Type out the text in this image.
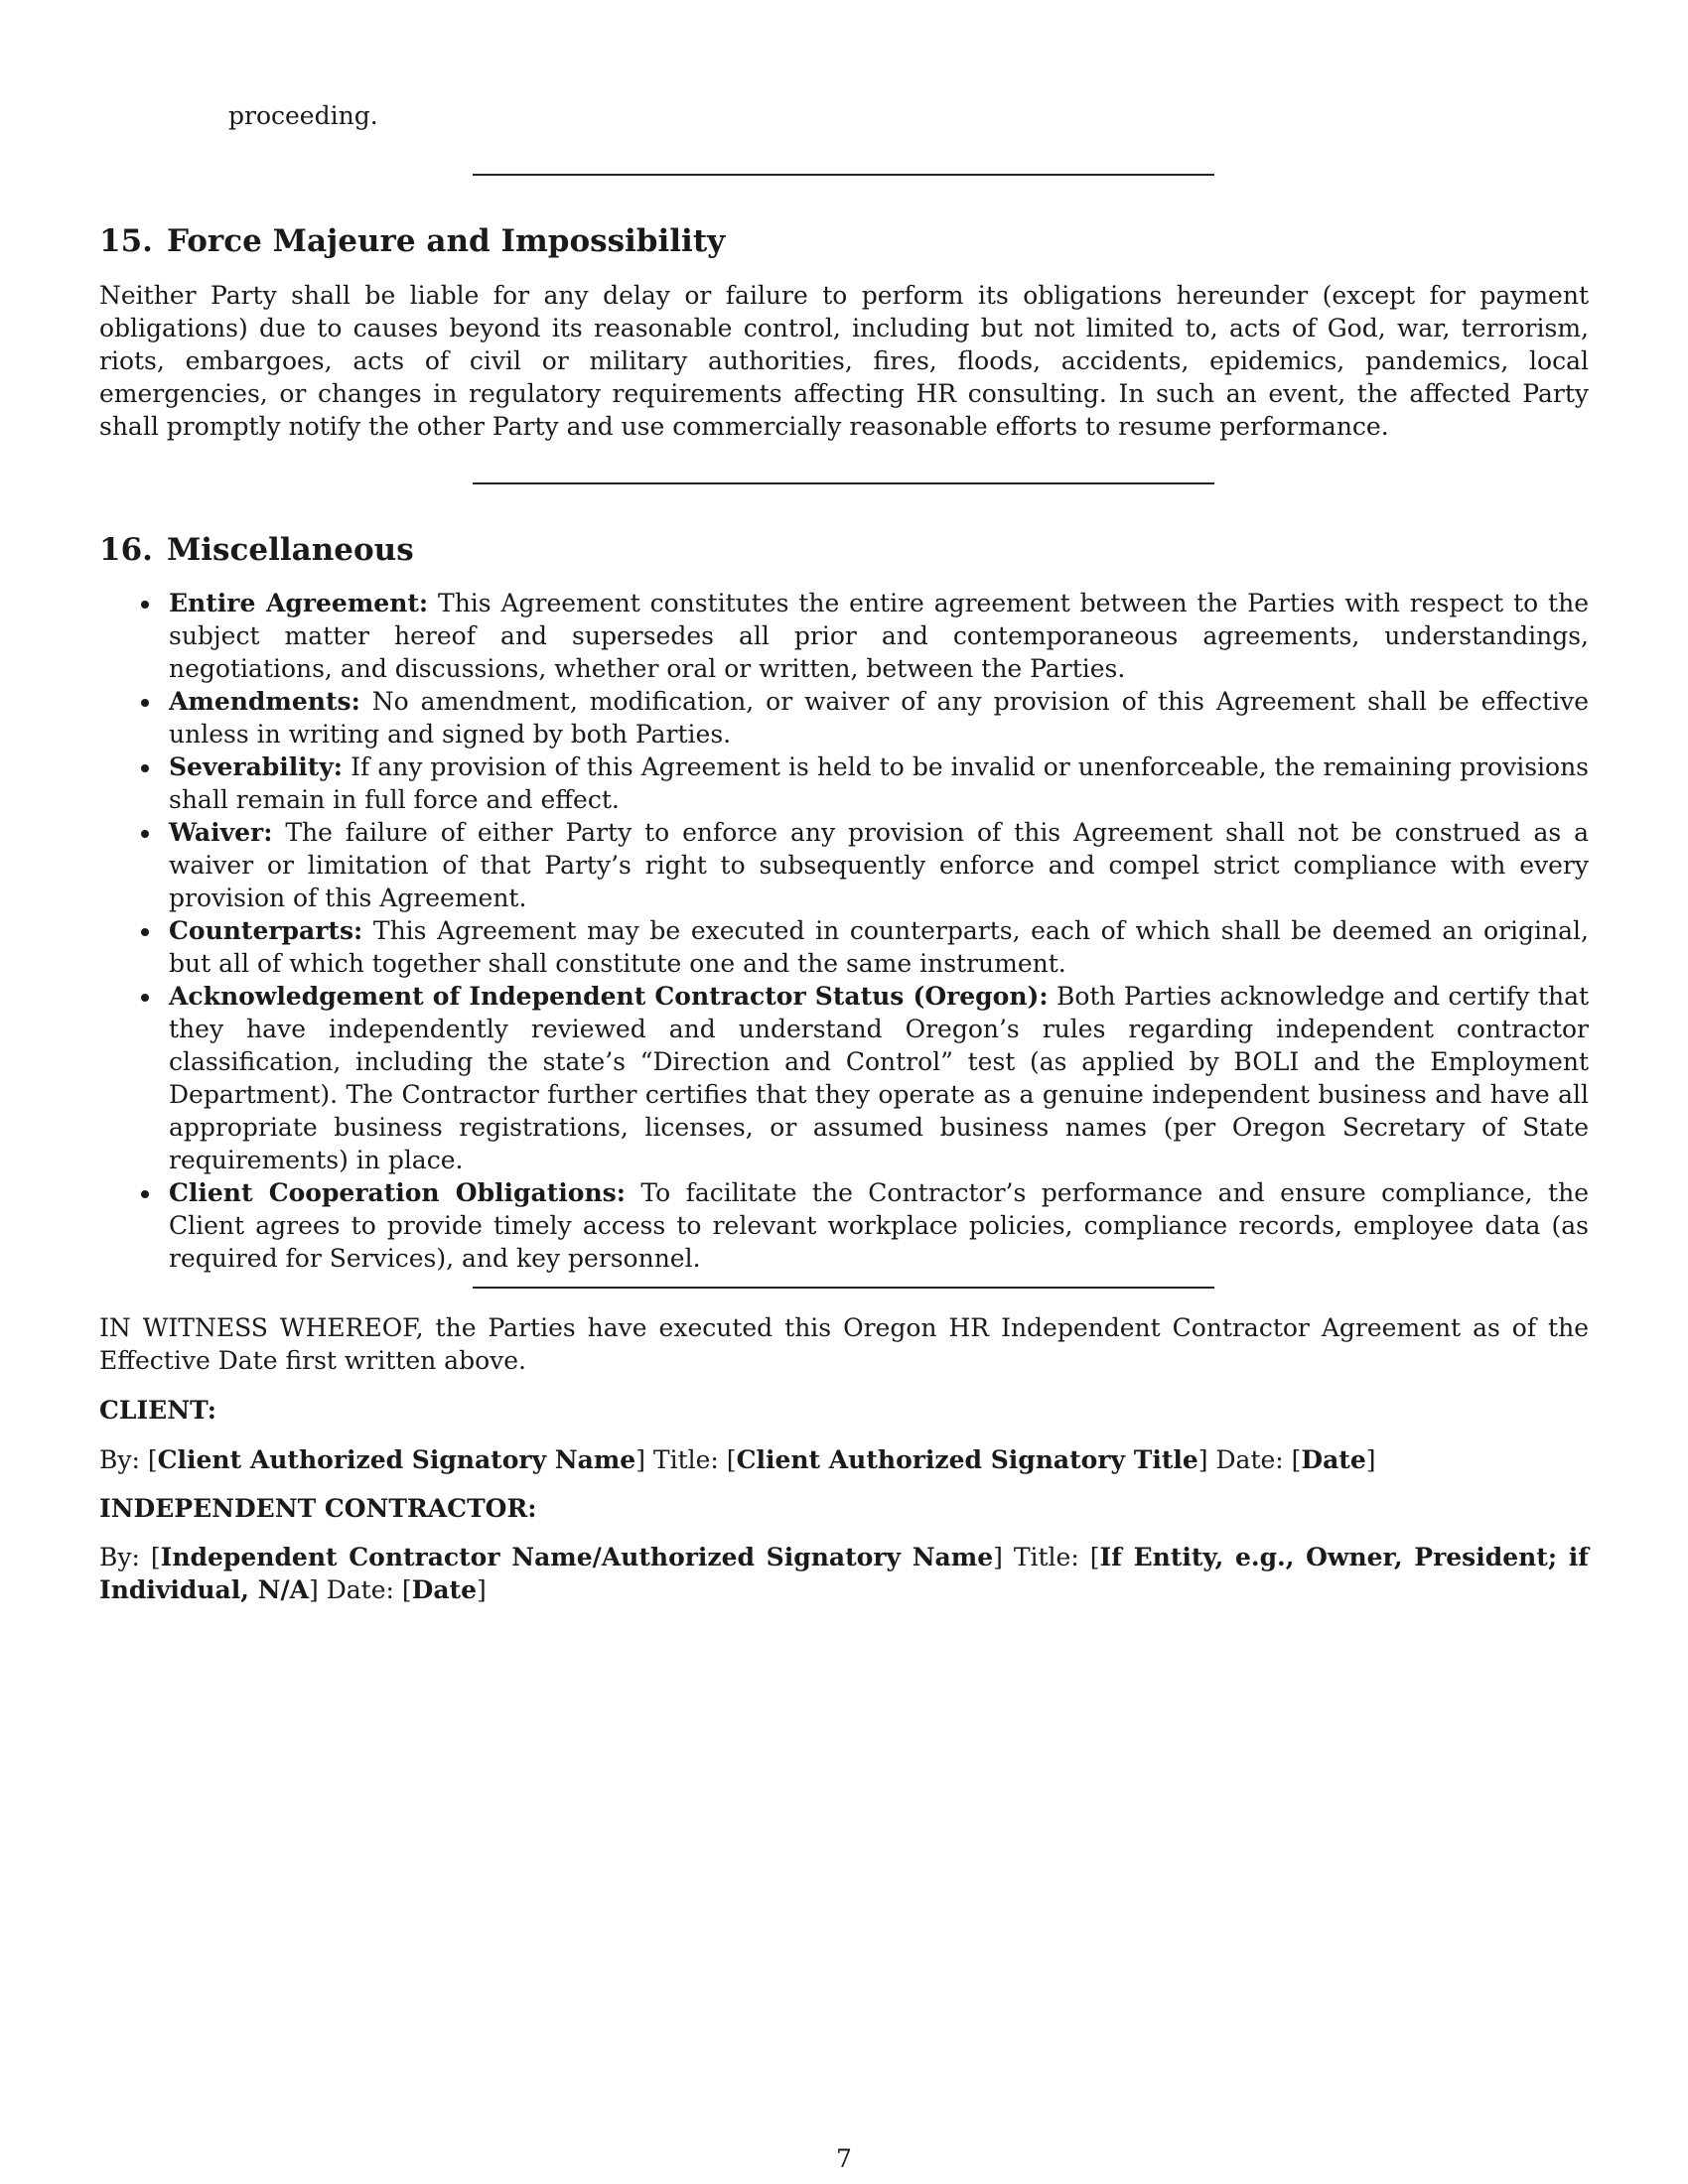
proceeding.

15. Force Majeure and Impossibility

Neither Party shall be liable for any delay or failure to perform its obligations hereunder (except for payment obligations) due to causes beyond its reasonable control, including but not limited to, acts of God, war, terrorism, riots, embargoes, acts of civil or military authorities, fires, floods, accidents, epidemics, pandemics, local emergencies, or changes in regulatory requirements affecting HR consulting. In such an event, the affected Party shall promptly notify the other Party and use commercially reasonable efforts to resume performance.

16. Miscellaneous
Entire Agreement: This Agreement constitutes the entire agreement between the Parties with respect to the subject matter hereof and supersedes all prior and contemporaneous agreements, understandings, negotiations, and discussions, whether oral or written, between the Parties.
Amendments: No amendment, modification, or waiver of any provision of this Agreement shall be effective unless in writing and signed by both Parties.
Severability: If any provision of this Agreement is held to be invalid or unenforceable, the remaining provisions shall remain in full force and effect.
Waiver: The failure of either Party to enforce any provision of this Agreement shall not be construed as a waiver or limitation of that Party’s right to subsequently enforce and compel strict compliance with every provision of this Agreement.
Counterparts: This Agreement may be executed in counterparts, each of which shall be deemed an original, but all of which together shall constitute one and the same instrument.
Acknowledgement of Independent Contractor Status (Oregon): Both Parties acknowledge and certify that they have independently reviewed and understand Oregon’s rules regarding independent contractor classification, including the state’s “Direction and Control” test (as applied by BOLI and the Employment Department). The Contractor further certifies that they operate as a genuine independent business and have all appropriate business registrations, licenses, or assumed business names (per Oregon Secretary of State requirements) in place.
Client Cooperation Obligations: To facilitate the Contractor’s performance and ensure compliance, the Client agrees to provide timely access to relevant workplace policies, compliance records, employee data (as required for Services), and key personnel.

IN WITNESS WHEREOF, the Parties have executed this Oregon HR Independent Contractor Agreement as of the Effective Date first written above.

CLIENT:

By: [Client Authorized Signatory Name] Title: [Client Authorized Signatory Title] Date: [Date]

INDEPENDENT CONTRACTOR:

By: [Independent Contractor Name/Authorized Signatory Name] Title: [If Entity, e.g., Owner, President; if Individual, N/A] Date: [Date]

7
